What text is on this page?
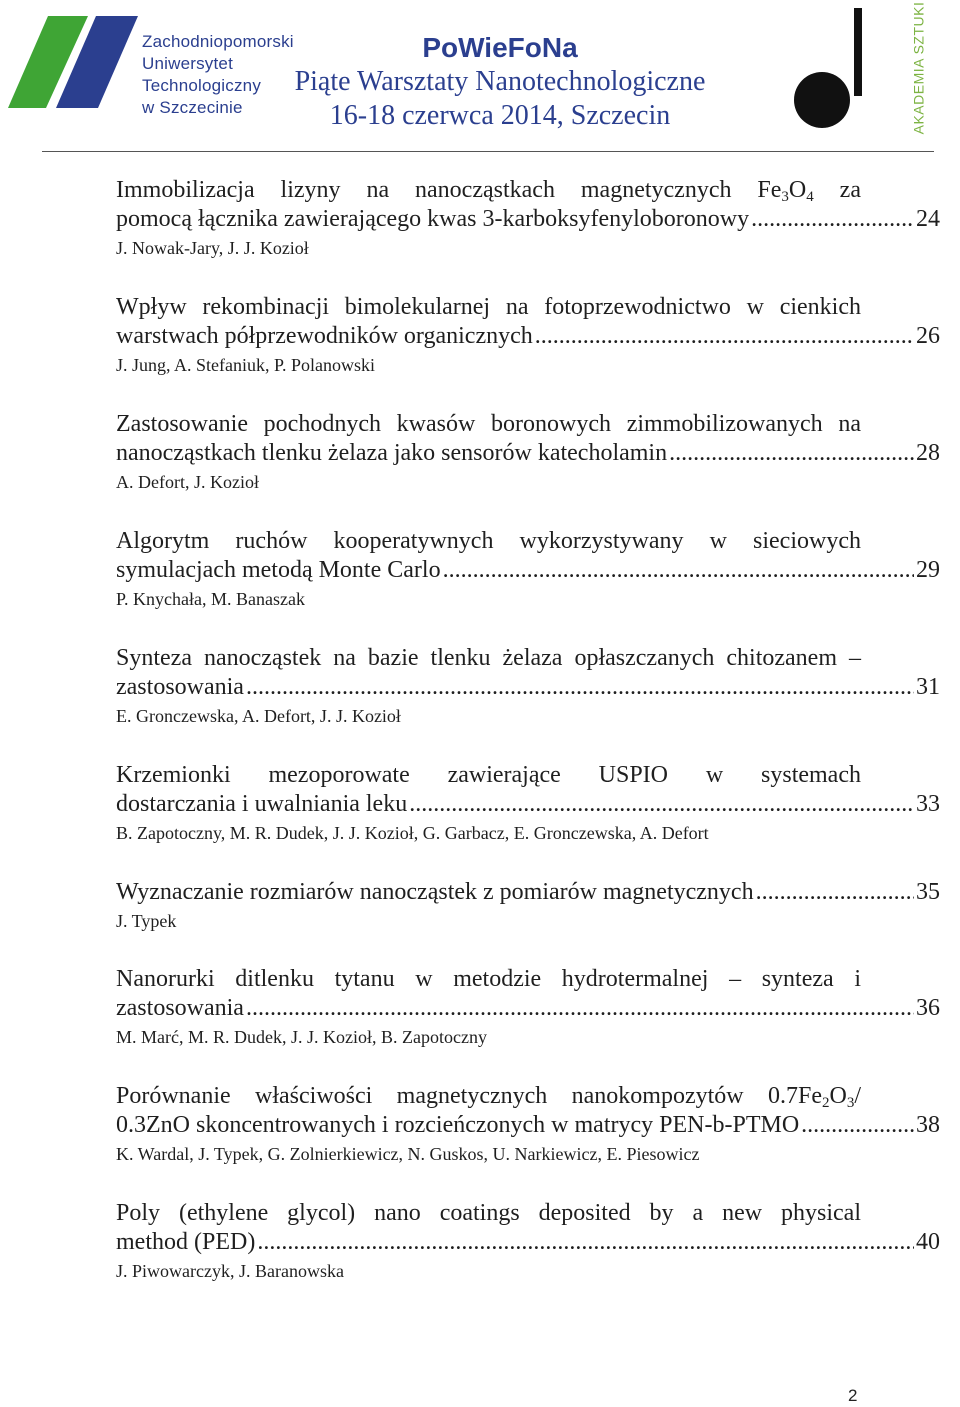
Zachodniopomorski
Uniwersytet
Technologiczny
w Szczecinie
PoWieFoNa
Piąte Warsztaty Nanotechnologiczne
16-18 czerwca 2014, Szczecin	AKADEMIA SZTUKI
Immobilizacja lizyny na nanocząstkach magnetycznych $Fe_3O_4$ za
pomocą łącznika zawierającego kwas 3-karboksyfenyloboronowy .....	24
J. Nowak-Jary, J. J. Kozioł
Wpływ rekombinacji bimolekularnej na fotoprzewodnictwo w cienkich
warstwach półprzewodników organicznych .....	26
J. Jung, A. Stefaniuk, P. Polanowski
Zastosowanie pochodnych kwasów boronowych zimmobilizowanych na
nanocząstkach tlenku żelaza jako sensorów katecholamin .....	28
A. Defort, J. Kozioł
Algorytm ruchów kooperatywnych wykorzystywany w sieciowych
symulacjach metodą Monte Carlo .....	29
P. Knychała, M. Banaszak
Synteza nanocząstek na bazie tlenku żelaza opłaszczanych chitozanem –
zastosowania .....	31
E. Gronczewska, A. Defort, J. J. Kozioł
Krzemionki mezoporowate zawierające USPIO w systemach
dostarczania i uwalniania leku .....	33
B. Zapotoczny, M. R. Dudek, J. J. Kozioł, G. Garbacz, E. Gronczewska, A. Defort
Wyznaczanie rozmiarów nanocząstek z pomiarów magnetycznych .....	35
J. Typek
Nanorurki ditlenku tytanu w metodzie hydrotermalnej – synteza i
zastosowania .....	36
M. Marć, M. R. Dudek, J. J. Kozioł, B. Zapotoczny
Porównanie właściwości magnetycznych nanokompozytów $0.7Fe_2O_3/$
0.3ZnO skoncentrowanych i rozcieńczonych w matrycy PEN-b-PTMO .....	38
K. Wardal, J. Typek, G. Zolnierkiewicz, N. Guskos, U. Narkiewicz, E. Piesowicz
Poly (ethylene glycol) nano coatings deposited by a new physical
method (PED) .....	40
J. Piwowarczyk, J. Baranowska
2
